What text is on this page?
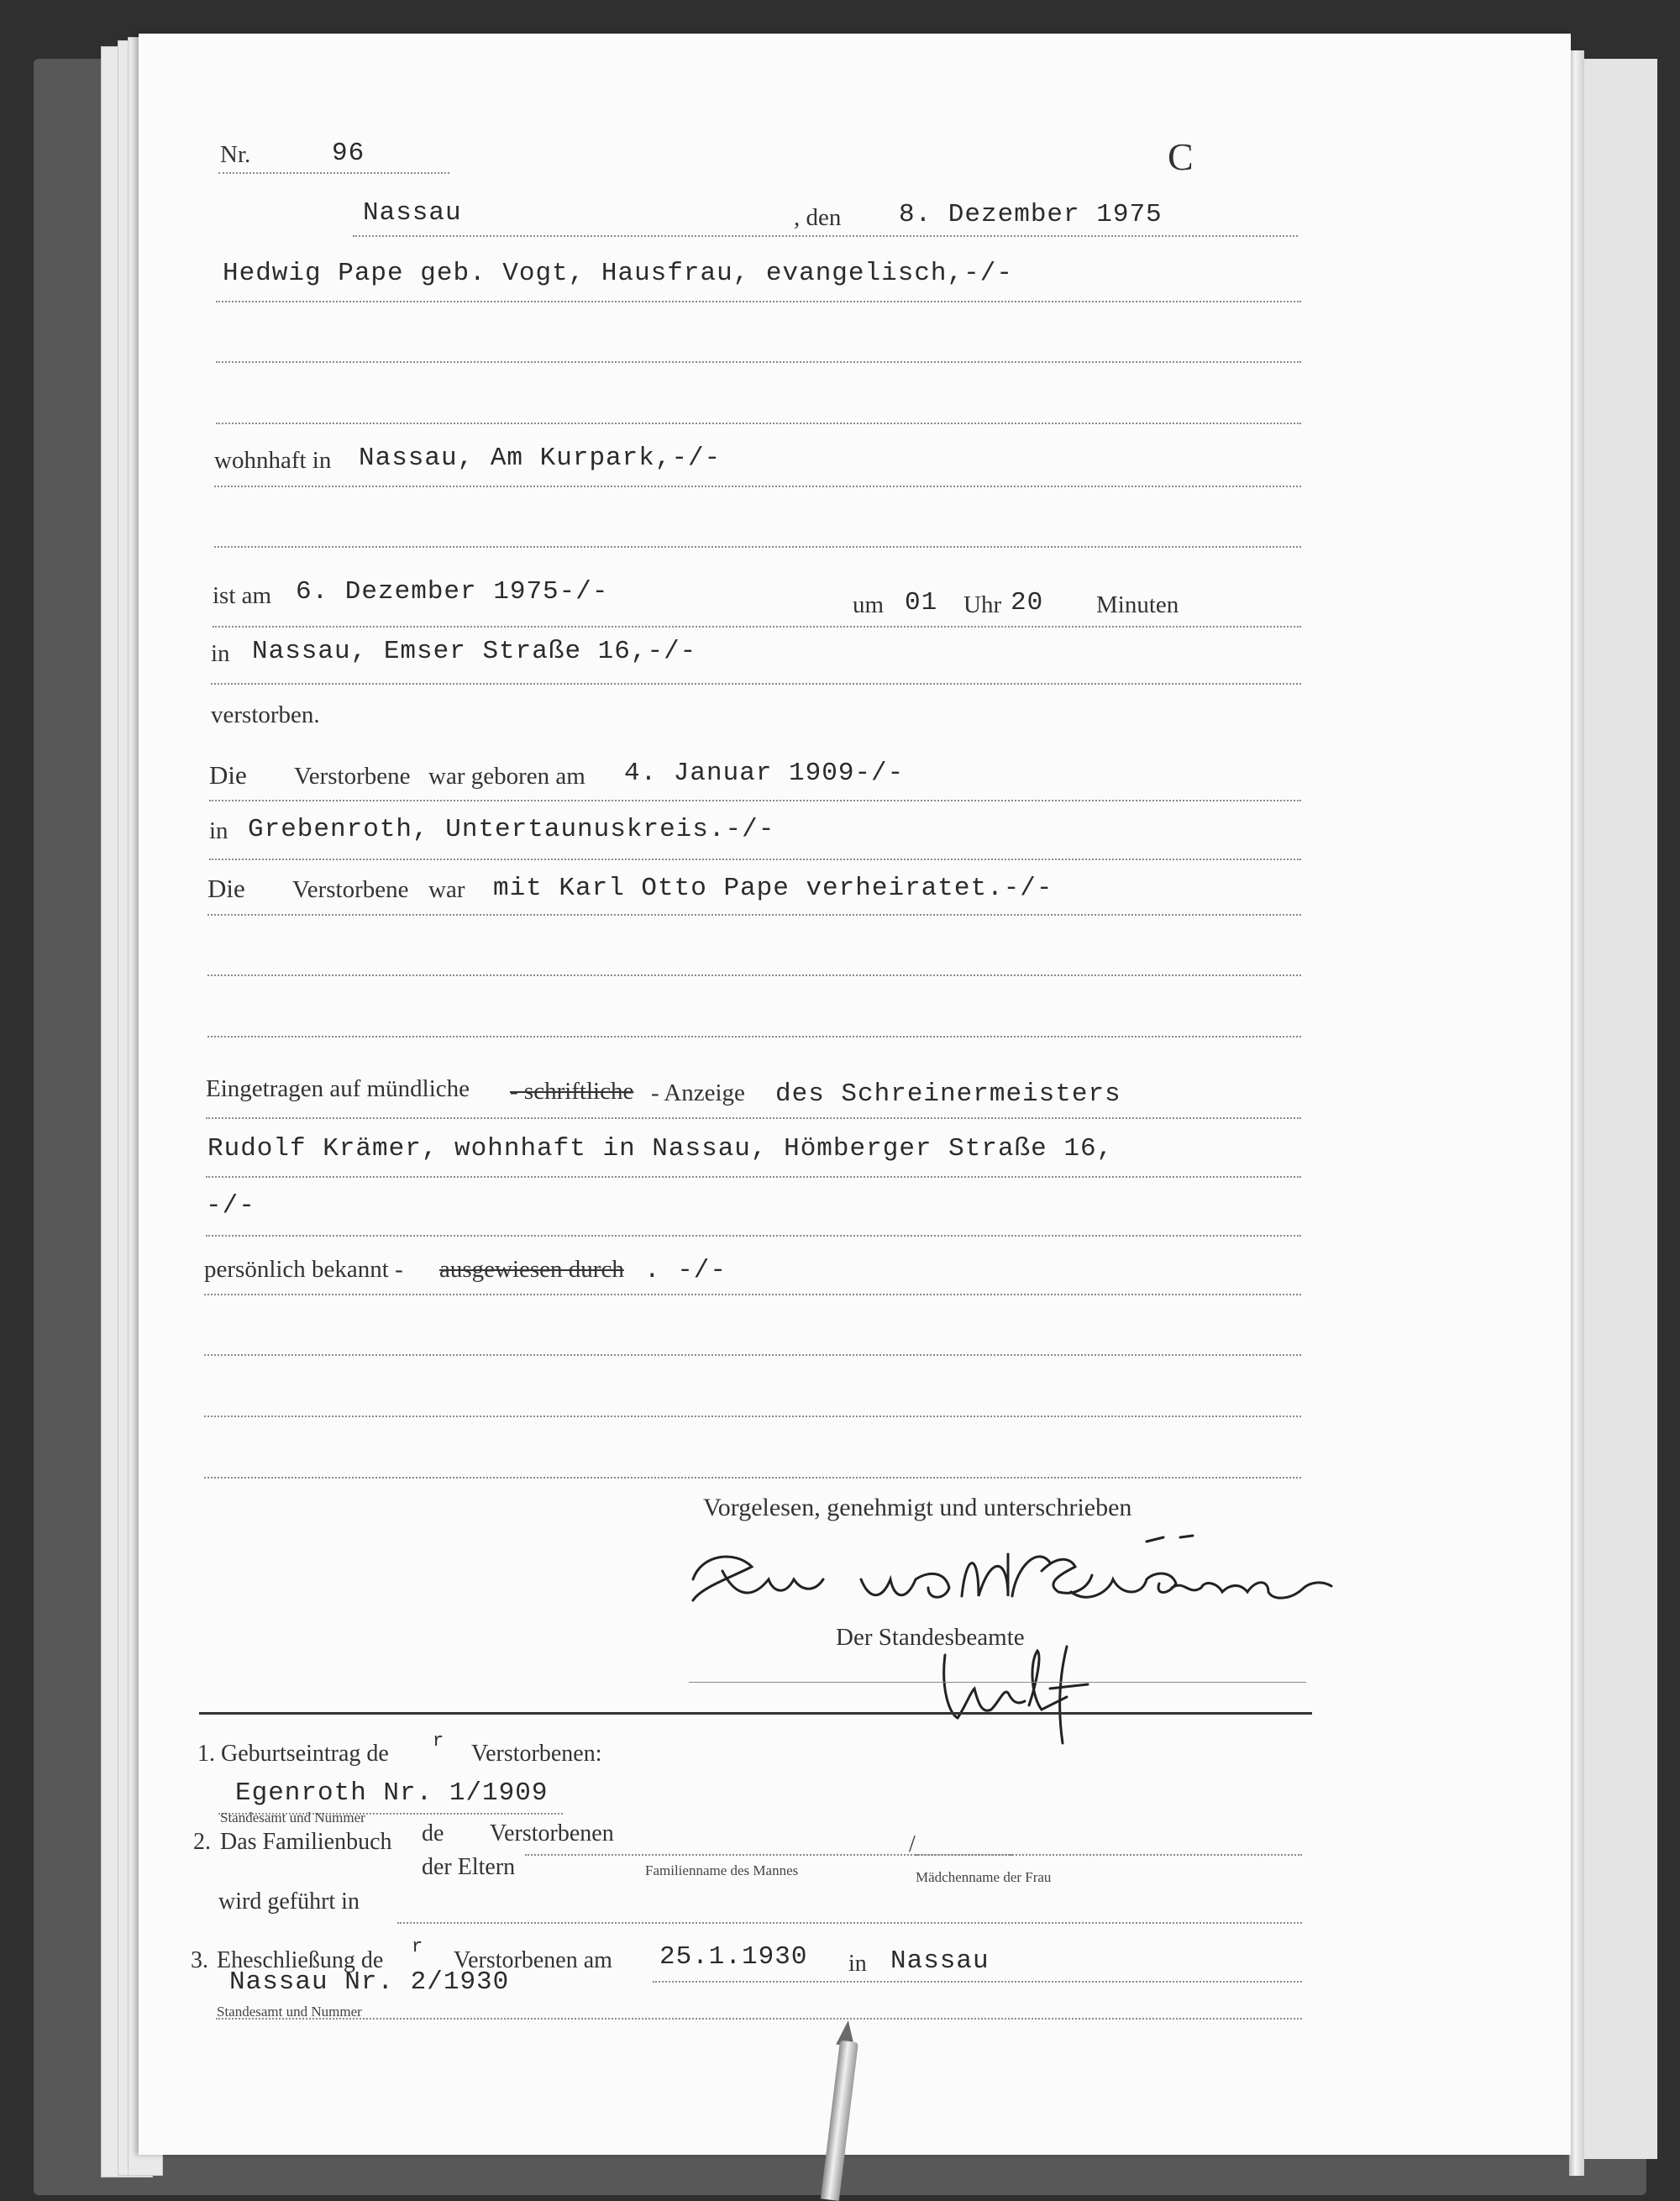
Nr.	96	C
Nassau	, den 8. Dezember 1975
Hedwig Pape geb. Vogt, Hausfrau, evangelisch,-/-
wohnhaft in Nassau, Am Kurpark,-/-
ist am 6. Dezember 1975-/-	um 01 Uhr 20 Minuten
in Nassau, Emser Straße 16,-/-
verstorben.
Die Verstorbene war geboren am 4. Januar 1909-/-
in Grebenroth, Untertaunuskreis.-/-
Die Verstorbene war mit Karl Otto Pape verheiratet.-/-
Eingetragen auf mündliche - schriftliche - Anzeige des Schreinermeisters
Rudolf Krämer, wohnhaft in Nassau, Hömberger Straße 16,
-/-
persönlich bekannt - ausgewiesen durch . -/-
Vorgelesen, genehmigt und unterschrieben
Der Standesbeamte
1. Geburtseintrag de r Verstorbenen:
Egenroth Nr. 1/1909
Standesamt und Nummer
2. Das Familienbuch de Verstorbenen
der Eltern
/
Familienname des Mannes	Mädchenname der Frau
wird geführt in
3. Eheschließung de
r
Verstorbenen am 25.1.1930 in Nassau
Nassau Nr. 2/1930
Standesamt und Nummer
